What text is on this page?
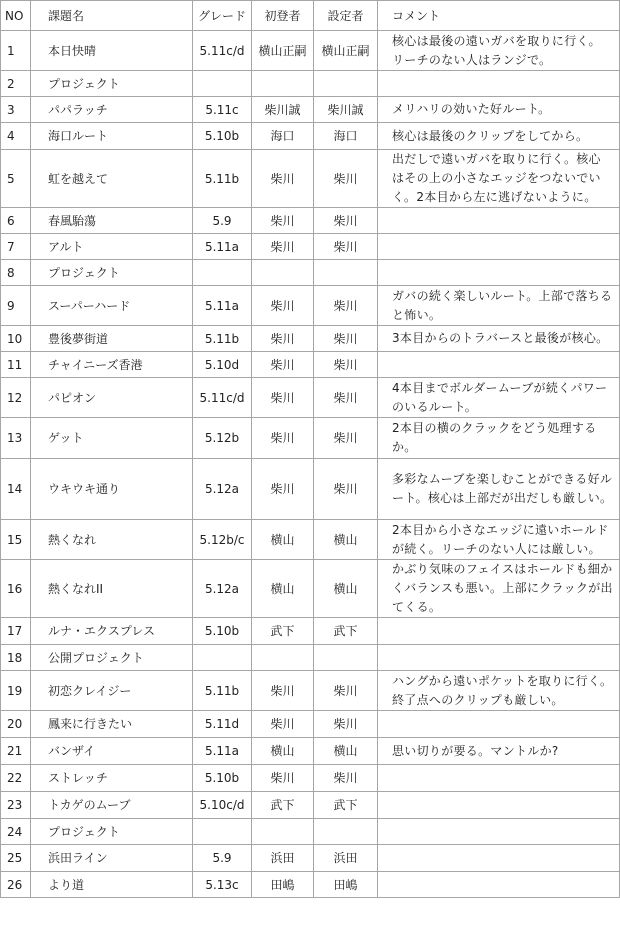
NO	課題名	グレード	初登者	設定者	コメント
1	本日快晴	5.11c/d	横山正嗣	横山正嗣	核心は最後の遠いガバを取りに行く。リーチのない人はランジで。
2	プロジェクト				
3	パパラッチ	5.11c	柴川誠	柴川誠	メリハリの効いた好ルート。
4	海口ルート	5.10b	海口	海口	核心は最後のクリップをしてから。
5	虹を越えて	5.11b	柴川	柴川	出だしで遠いガバを取りに行く。核心はその上の小さなエッジをつないでいく。2本目から左に逃げないように。
6	春風駘蕩	5.9	柴川	柴川	
7	アルト	5.11a	柴川	柴川	
8	プロジェクト				
9	スーパーハード	5.11a	柴川	柴川	ガバの続く楽しいルート。上部で落ちると怖い。
10	豊後夢街道	5.11b	柴川	柴川	3本目からのトラバースと最後が核心。
11	チャイニーズ香港	5.10d	柴川	柴川	
12	パピオン	5.11c/d	柴川	柴川	4本目までボルダームーブが続くパワーのいるルート。
13	ゲット	5.12b	柴川	柴川	2本目の横のクラックをどう処理するか。
14	ウキウキ通り	5.12a	柴川	柴川	多彩なムーブを楽しむことができる好ルート。核心は上部だが出だしも厳しい。
15	熱くなれ	5.12b/c	横山	横山	2本目から小さなエッジに遠いホールドが続く。リーチのない人には厳しい。
16	熱くなれII	5.12a	横山	横山	かぶり気味のフェイスはホールドも細かくバランスも悪い。上部にクラックが出てくる。
17	ルナ・エクスプレス	5.10b	武下	武下	
18	公開プロジェクト				
19	初恋クレイジー	5.11b	柴川	柴川	ハングから遠いポケットを取りに行く。終了点へのクリップも厳しい。
20	鳳来に行きたい	5.11d	柴川	柴川	
21	バンザイ	5.11a	横山	横山	思い切りが要る。マントルか?
22	ストレッチ	5.10b	柴川	柴川	
23	トカゲのムーブ	5.10c/d	武下	武下	
24	プロジェクト				
25	浜田ライン	5.9	浜田	浜田	
26	より道	5.13c	田嶋	田嶋	
